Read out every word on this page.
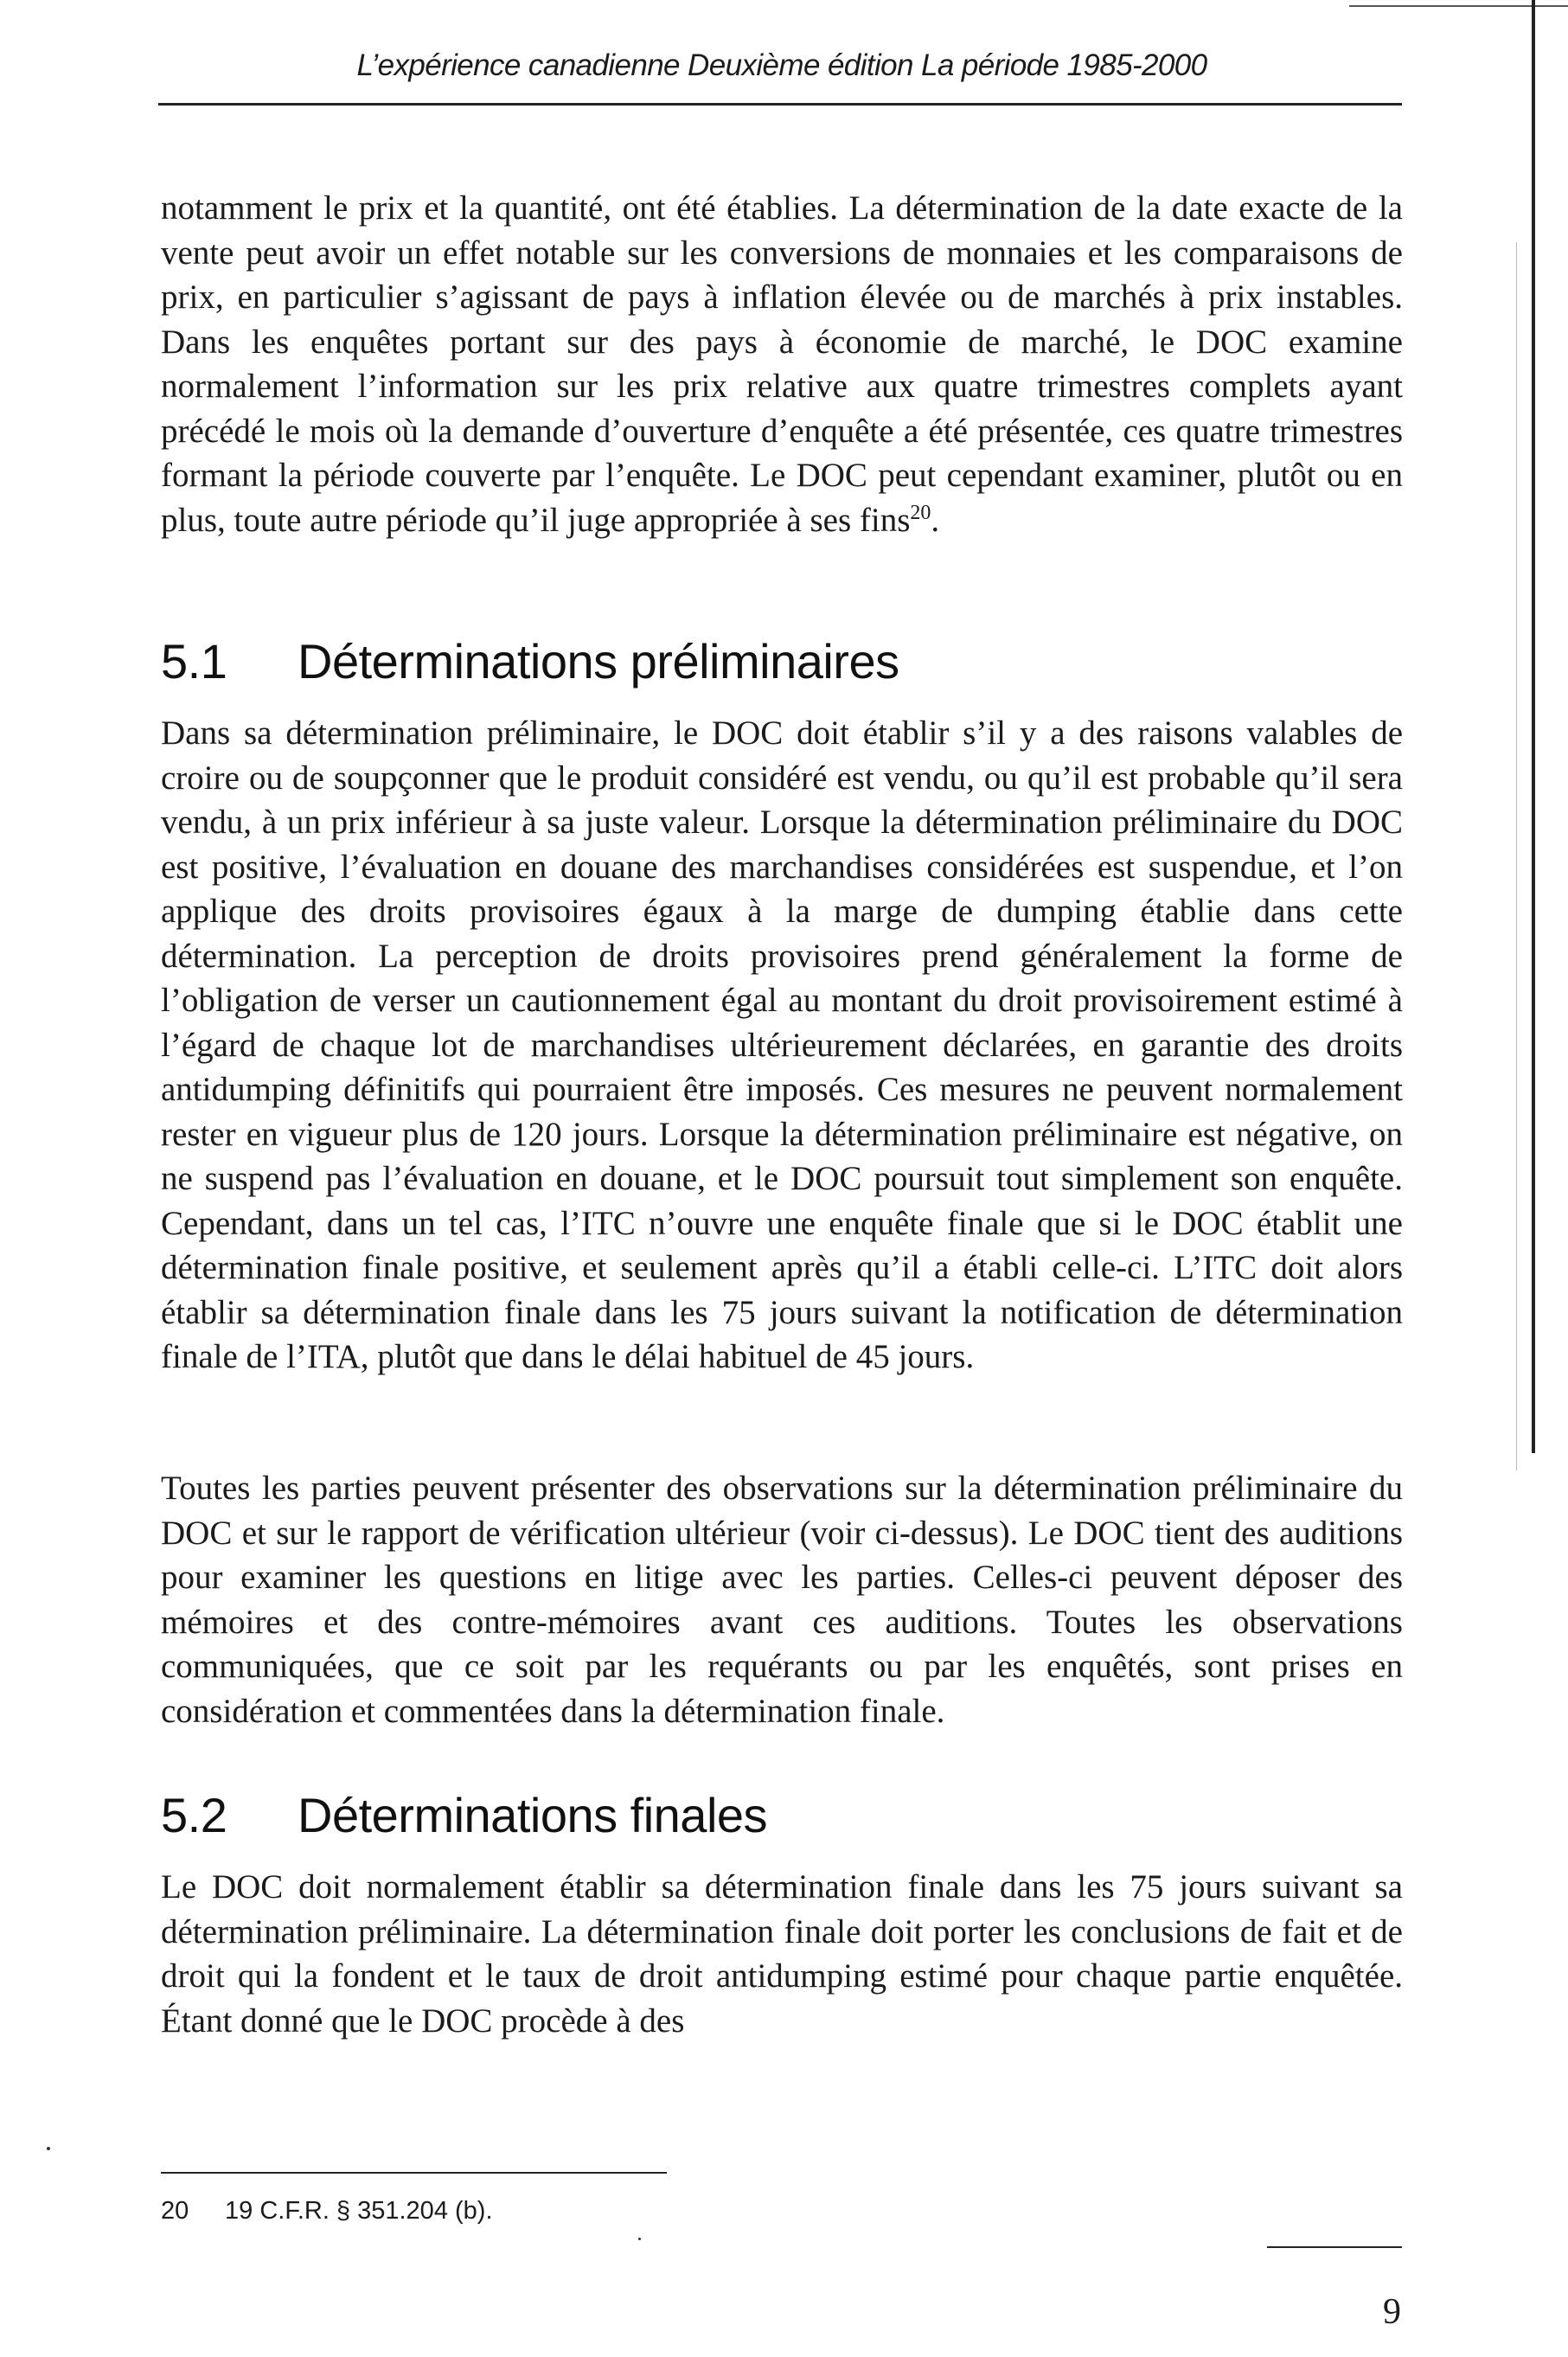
L’expérience canadienne Deuxième édition La période 1985-2000

notamment le prix et la quantité, ont été établies. La détermination de la date exacte de la vente peut avoir un effet notable sur les conversions de monnaies et les comparaisons de prix, en particulier s’agissant de pays à inflation élevée ou de marchés à prix instables. Dans les enquêtes portant sur des pays à économie de marché, le DOC examine normalement l’information sur les prix relative aux quatre trimestres complets ayant précédé le mois où la demande d’ouverture d’enquête a été présentée, ces quatre trimestres formant la période couverte par l’enquête. Le DOC peut cependant examiner, plutôt ou en plus, toute autre période qu’il juge appropriée à ses fins$^{20}$.

5.1 Déterminations préliminaires

Dans sa détermination préliminaire, le DOC doit établir s’il y a des raisons valables de croire ou de soupçonner que le produit considéré est vendu, ou qu’il est probable qu’il sera vendu, à un prix inférieur à sa juste valeur. Lorsque la détermination préliminaire du DOC est positive, l’évaluation en douane des marchandises considérées est suspendue, et l’on applique des droits provisoires égaux à la marge de dumping établie dans cette détermination. La perception de droits provisoires prend généralement la forme de l’obligation de verser un cautionnement égal au montant du droit provisoirement estimé à l’égard de chaque lot de marchandises ultérieurement déclarées, en garantie des droits antidumping définitifs qui pourraient être imposés. Ces mesures ne peuvent normalement rester en vigueur plus de 120 jours. Lorsque la détermination préliminaire est négative, on ne suspend pas l’évaluation en douane, et le DOC poursuit tout simplement son enquête. Cependant, dans un tel cas, l’ITC n’ouvre une enquête finale que si le DOC établit une détermination finale positive, et seulement après qu’il a établi celle-ci. L’ITC doit alors établir sa détermination finale dans les 75 jours suivant la notification de détermination finale de l’ITA, plutôt que dans le délai habituel de 45 jours.

Toutes les parties peuvent présenter des observations sur la détermination préliminaire du DOC et sur le rapport de vérification ultérieur (voir ci-dessus). Le DOC tient des auditions pour examiner les questions en litige avec les parties. Celles-ci peuvent déposer des mémoires et des contre-mémoires avant ces auditions. Toutes les observations communiquées, que ce soit par les requérants ou par les enquêtés, sont prises en considération et commentées dans la détermination finale.

5.2 Déterminations finales

Le DOC doit normalement établir sa détermination finale dans les 75 jours suivant sa détermination préliminaire. La détermination finale doit porter les conclusions de fait et de droit qui la fondent et le taux de droit antidumping estimé pour chaque partie enquêtée. Étant donné que le DOC procède à des

20 19 C.F.R. § 351.204 (b).
9
